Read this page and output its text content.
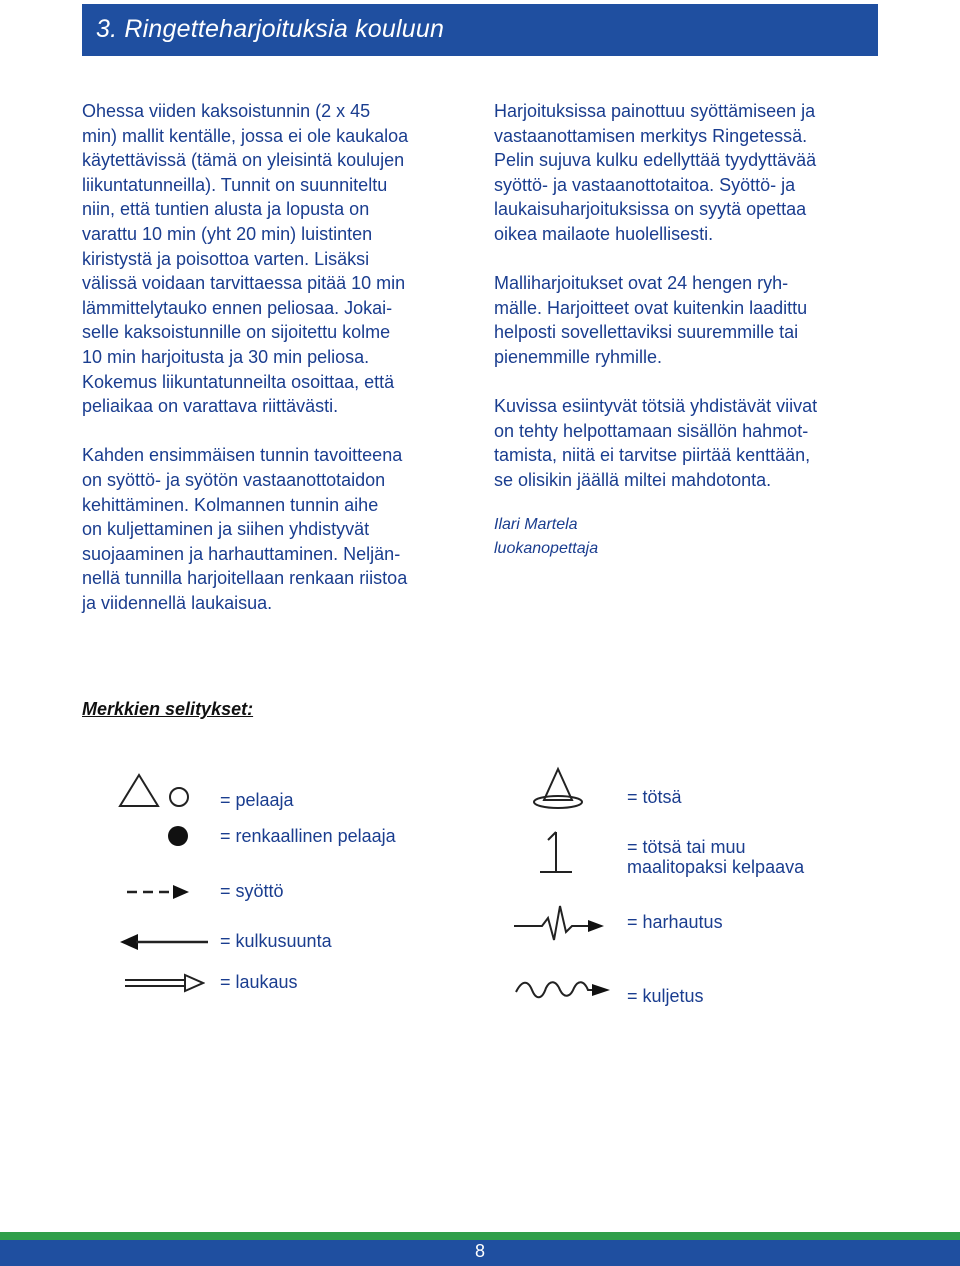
3. Ringetteharjoituksia kouluun

Ohessa viiden kaksoistunnin (2 x 45
min) mallit kentälle, jossa ei ole kaukaloa
käytettävissä (tämä on yleisintä koulujen
liikuntatunneilla). Tunnit on suunniteltu
niin, että tuntien alusta ja lopusta on
varattu 10 min (yht 20 min) luistinten
kiristystä ja poisottoa varten. Lisäksi
välissä voidaan tarvittaessa pitää 10 min
lämmittelytauko ennen peliosaa. Jokai-
selle kaksoistunnille on sijoitettu kolme
10 min harjoitusta ja 30 min peliosa.
Kokemus liikuntatunneilta osoittaa, että
peliaikaa on varattava riittävästi.

Kahden ensimmäisen tunnin tavoitteena
on syöttö- ja syötön vastaanottotaidon
kehittäminen. Kolmannen tunnin aihe
on kuljettaminen ja siihen yhdistyvät
suojaaminen ja harhauttaminen. Neljän-
nellä tunnilla harjoitellaan renkaan riistoa
ja viidennellä laukaisua.

Harjoituksissa painottuu syöttämiseen ja
vastaanottamisen merkitys Ringetessä.
Pelin sujuva kulku edellyttää tyydyttävää
syöttö- ja vastaanottotaitoa. Syöttö- ja
laukaisuharjoituksissa on syytä opettaa
oikea mailaote huolellisesti.

Malliharjoitukset ovat 24 hengen ryh-
mälle. Harjoitteet ovat kuitenkin laadittu
helposti sovellettaviksi suuremmille tai
pienemmille ryhmille.

Kuvissa esiintyvät tötsiä yhdistävät viivat
on tehty helpottamaan sisällön hahmot-
tamista, niitä ei tarvitse piirtää kenttään,
se olisikin jäällä miltei mahdotonta.

Ilari Martela
luokanopettaja

Merkkien selitykset:
= pelaaja
= renkaallinen pelaaja
= syöttö
= kulkusuunta
= laukaus
= tötsä
= tötsä tai muu
maalitopaksi kelpaava
= harhautus
= kuljetus
8
